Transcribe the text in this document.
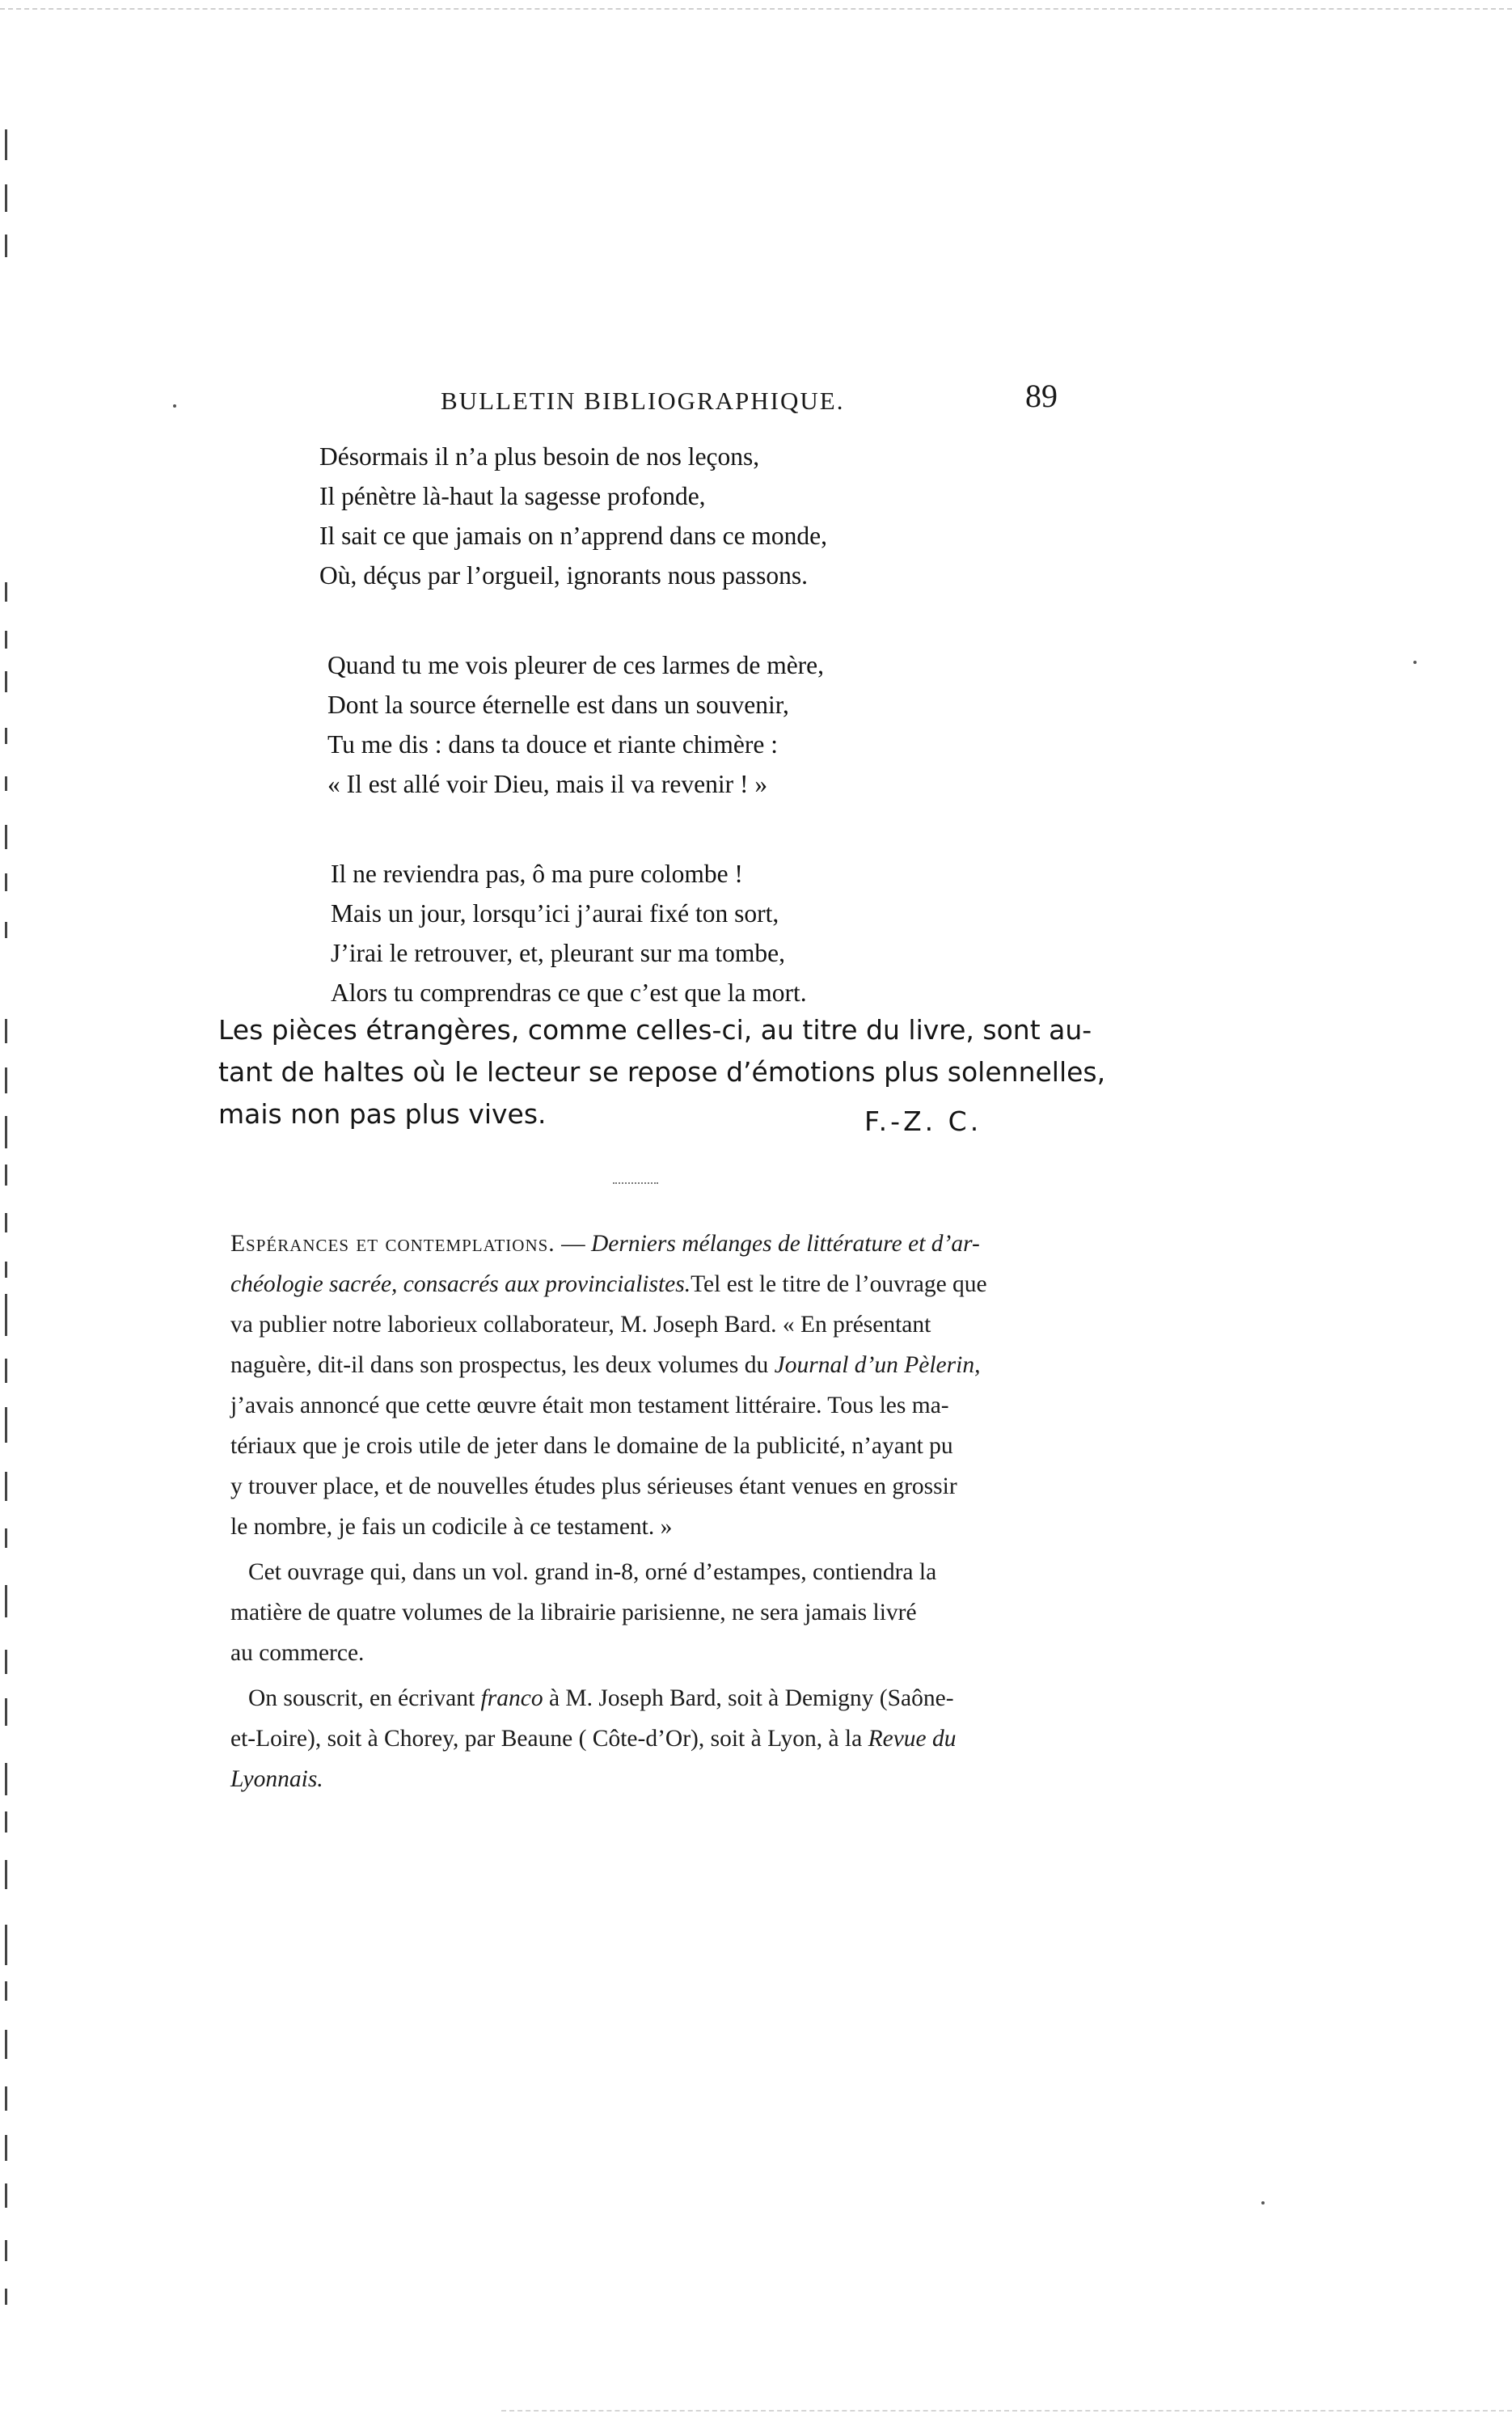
BULLETIN BIBLIOGRAPHIQUE.	89
Désormais il n’a plus besoin de nos leçons,
Il pénètre là-haut la sagesse profonde,
Il sait ce que jamais on n’apprend dans ce monde,
Où, déçus par l’orgueil, ignorants nous passons.
Quand tu me vois pleurer de ces larmes de mère,
Dont la source éternelle est dans un souvenir,
Tu me dis : dans ta douce et riante chimère :
« Il est allé voir Dieu, mais il va revenir ! »
Il ne reviendra pas, ô ma pure colombe !
Mais un jour, lorsqu’ici j’aurai fixé ton sort,
J’irai le retrouver, et, pleurant sur ma tombe,
Alors tu comprendras ce que c’est que la mort.
Les pièces étrangères, comme celles-ci, au titre du livre, sont au-
tant de haltes où le lecteur se repose d’émotions plus solennelles,
mais non pas plus vives.	F.-Z. C.
Espérances et contemplations. — Derniers mélanges de littérature et d’ar-
chéologie sacrée, consacrés aux provincialistes.Tel est le titre de l’ouvrage que
va publier notre laborieux collaborateur, M. Joseph Bard. « En présentant
naguère, dit-il dans son prospectus, les deux volumes du Journal d’un Pèlerin,
j’avais annoncé que cette œuvre était mon testament littéraire. Tous les ma-
tériaux que je crois utile de jeter dans le domaine de la publicité, n’ayant pu
y trouver place, et de nouvelles études plus sérieuses étant venues en grossir
le nombre, je fais un codicile à ce testament. »
Cet ouvrage qui, dans un vol. grand in-8, orné d’estampes, contiendra la
matière de quatre volumes de la librairie parisienne, ne sera jamais livré
au commerce.
On souscrit, en écrivant franco à M. Joseph Bard, soit à Demigny (Saône-
et-Loire), soit à Chorey, par Beaune ( Côte-d’Or), soit à Lyon, à la Revue du
Lyonnais.
